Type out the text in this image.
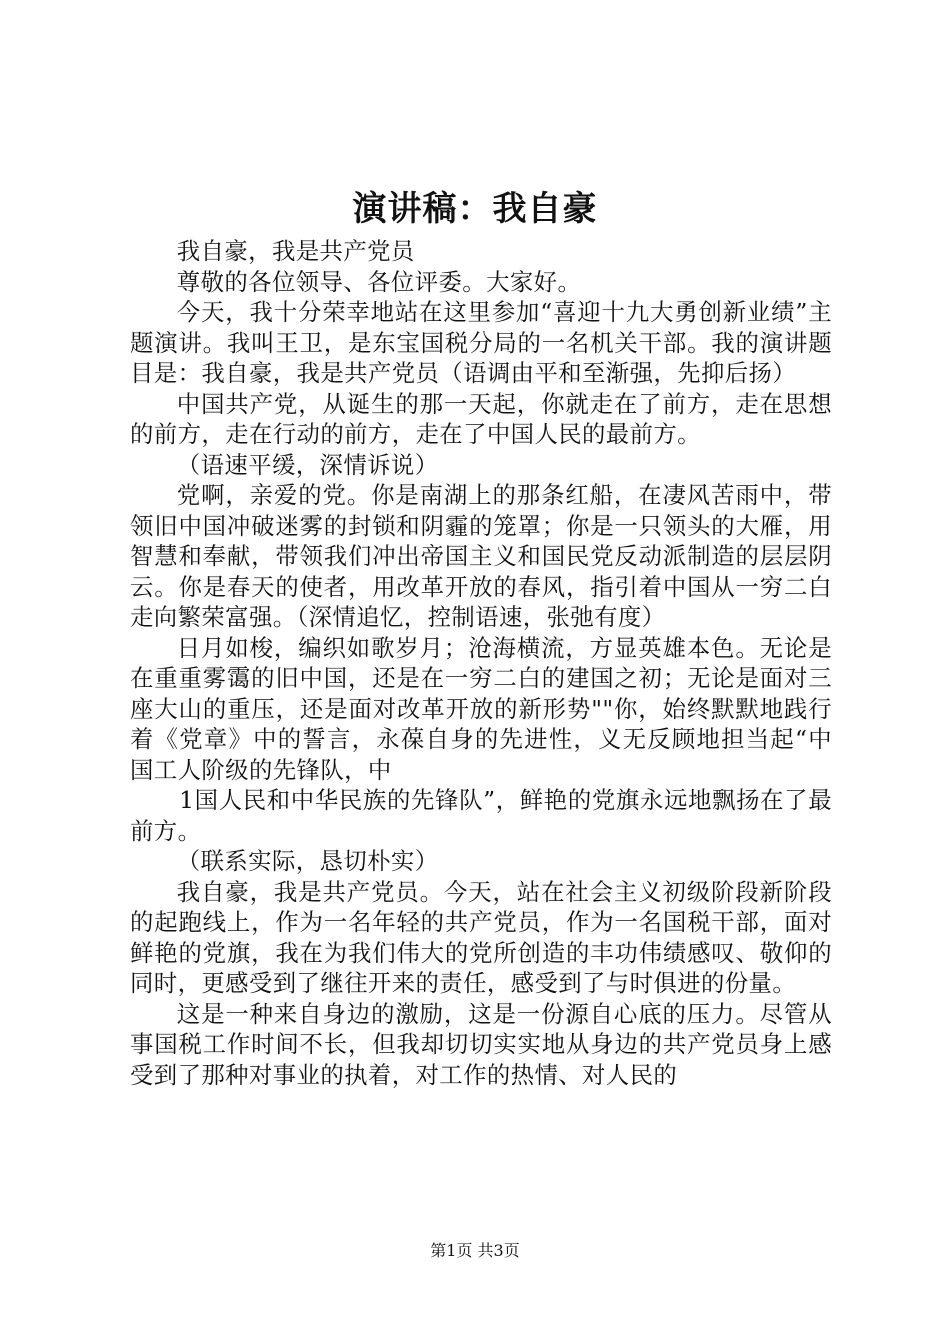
演讲稿：我自豪

我自豪，我是共产党员

尊敬的各位领导、各位评委。大家好。

今天，我十分荣幸地站在这里参加“喜迎十九大勇创新业绩”主题演讲。我叫王卫，是东宝国税分局的一名机关干部。我的演讲题目是：我自豪，我是共产党员（语调由平和至渐强，先抑后扬）

中国共产党，从诞生的那一天起，你就走在了前方，走在思想的前方，走在行动的前方，走在了中国人民的最前方。

（语速平缓，深情诉说）

党啊，亲爱的党。你是南湖上的那条红船，在凄风苦雨中，带领旧中国冲破迷雾的封锁和阴霾的笼罩；你是一只领头的大雁，用智慧和奉献，带领我们冲出帝国主义和国民党反动派制造的层层阴云。你是春天的使者，用改革开放的春风，指引着中国从一穷二白走向繁荣富强。（深情追忆，控制语速，张弛有度）

日月如梭，编织如歌岁月；沧海横流，方显英雄本色。无论是在重重雾霭的旧中国，还是在一穷二白的建国之初；无论是面对三座大山的重压，还是面对改革开放的新形势""你，始终默默地践行着《党章》中的誓言，永葆自身的先进性，义无反顾地担当起“中国工人阶级的先锋队，中

1国人民和中华民族的先锋队”，鲜艳的党旗永远地飘扬在了最前方。

（联系实际，恳切朴实）

我自豪，我是共产党员。今天，站在社会主义初级阶段新阶段的起跑线上，作为一名年轻的共产党员，作为一名国税干部，面对鲜艳的党旗，我在为我们伟大的党所创造的丰功伟绩感叹、敬仰的同时，更感受到了继往开来的责任，感受到了与时俱进的份量。

这是一种来自身边的激励，这是一份源自心底的压力。尽管从事国税工作时间不长，但我却切切实实地从身边的共产党员身上感受到了那种对事业的执着，对工作的热情、对人民的

第1页 共3页
